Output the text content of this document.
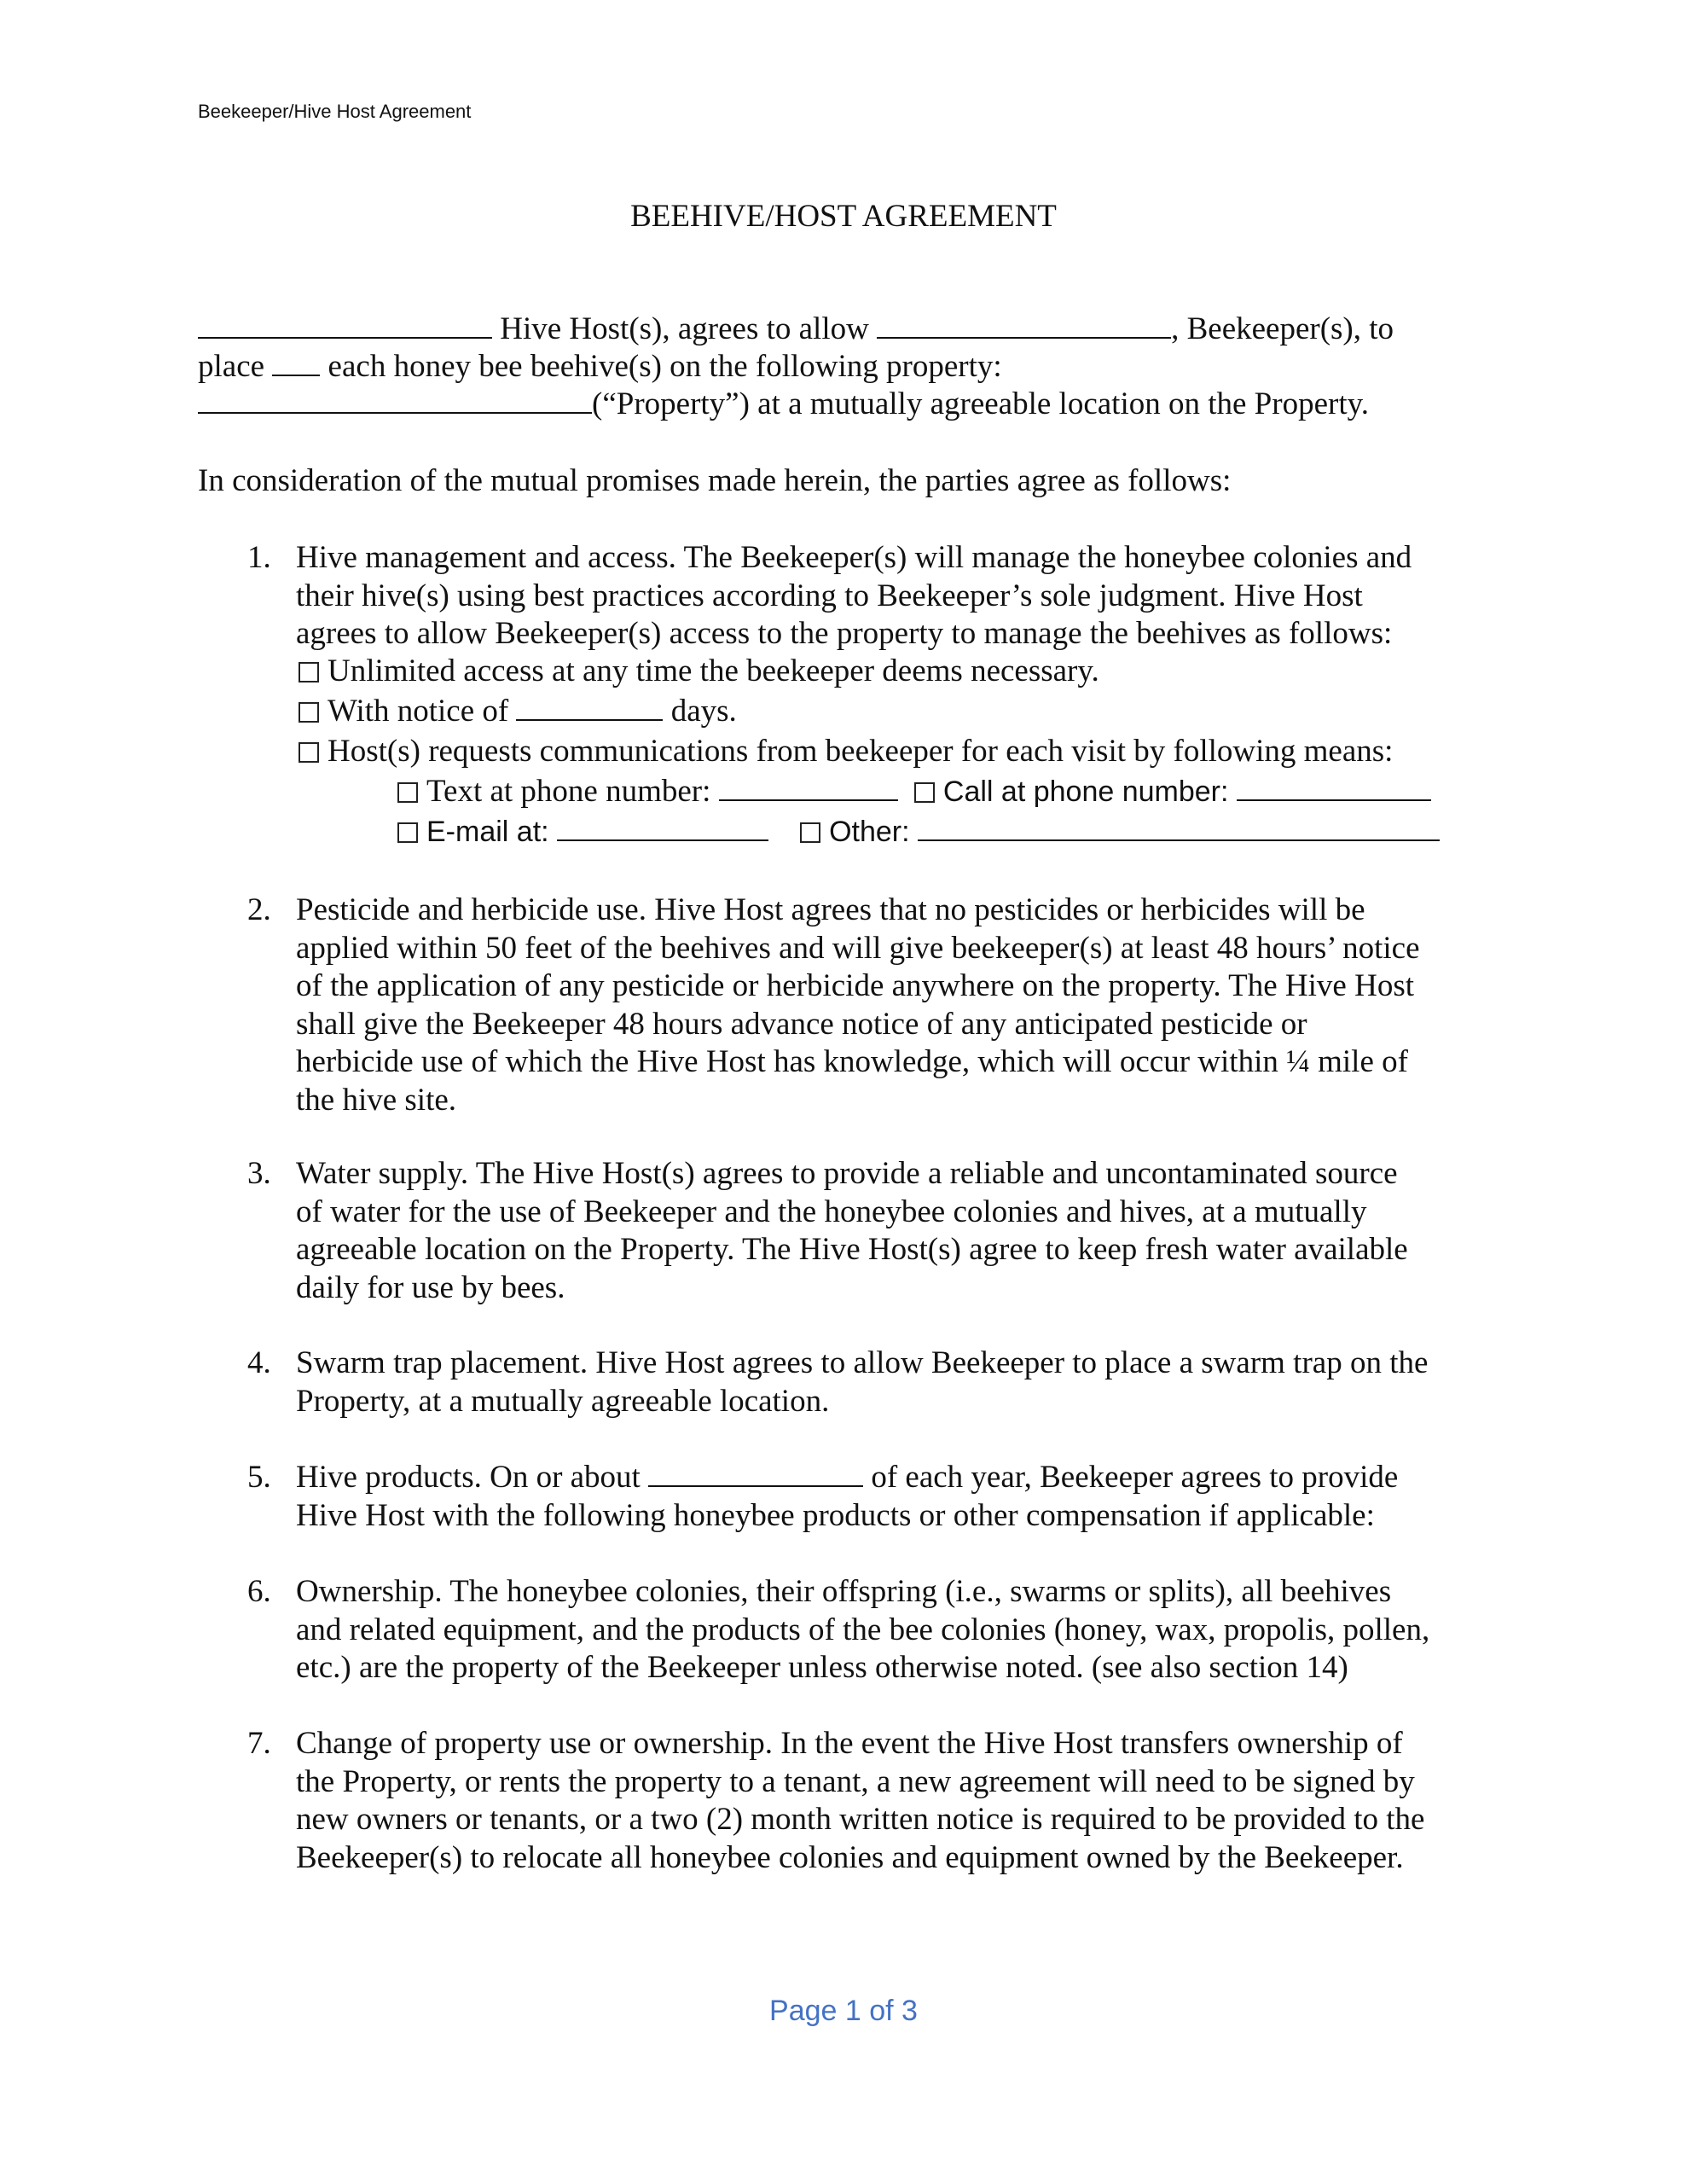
Beekeeper/Hive Host Agreement
BEEHIVE/HOST AGREEMENT
Hive Host(s), agrees to allow	, Beekeeper(s), to
place each honey bee beehive(s) on the following property:
(“Property”) at a mutually agreeable location on the Property.
In consideration of the mutual promises made herein, the parties agree as follows:
1. Hive management and access. The Beekeeper(s) will manage the honeybee colonies and
their hive(s) using best practices according to Beekeeper’s sole judgment. Hive Host
agrees to allow Beekeeper(s) access to the property to manage the beehives as follows:
Unlimited access at any time the beekeeper deems necessary.
With notice of	days.
Host(s) requests communications from beekeeper for each visit by following means:
Text at phone number:	Call at phone number:
E-mail at:	Other:
2. Pesticide and herbicide use. Hive Host agrees that no pesticides or herbicides will be
applied within 50 feet of the beehives and will give beekeeper(s) at least 48 hours’ notice
of the application of any pesticide or herbicide anywhere on the property. The Hive Host
shall give the Beekeeper 48 hours advance notice of any anticipated pesticide or
herbicide use of which the Hive Host has knowledge, which will occur within ¼ mile of
the hive site.
3. Water supply. The Hive Host(s) agrees to provide a reliable and uncontaminated source
of water for the use of Beekeeper and the honeybee colonies and hives, at a mutually
agreeable location on the Property. The Hive Host(s) agree to keep fresh water available
daily for use by bees.
4. Swarm trap placement. Hive Host agrees to allow Beekeeper to place a swarm trap on the
Property, at a mutually agreeable location.
5. Hive products. On or about	of each year, Beekeeper agrees to provide
Hive Host with the following honeybee products or other compensation if applicable:
6. Ownership. The honeybee colonies, their offspring (i.e., swarms or splits), all beehives
and related equipment, and the products of the bee colonies (honey, wax, propolis, pollen,
etc.) are the property of the Beekeeper unless otherwise noted. (see also section 14)
7. Change of property use or ownership. In the event the Hive Host transfers ownership of
the Property, or rents the property to a tenant, a new agreement will need to be signed by
new owners or tenants, or a two (2) month written notice is required to be provided to the
Beekeeper(s) to relocate all honeybee colonies and equipment owned by the Beekeeper.
Page 1 of 3
